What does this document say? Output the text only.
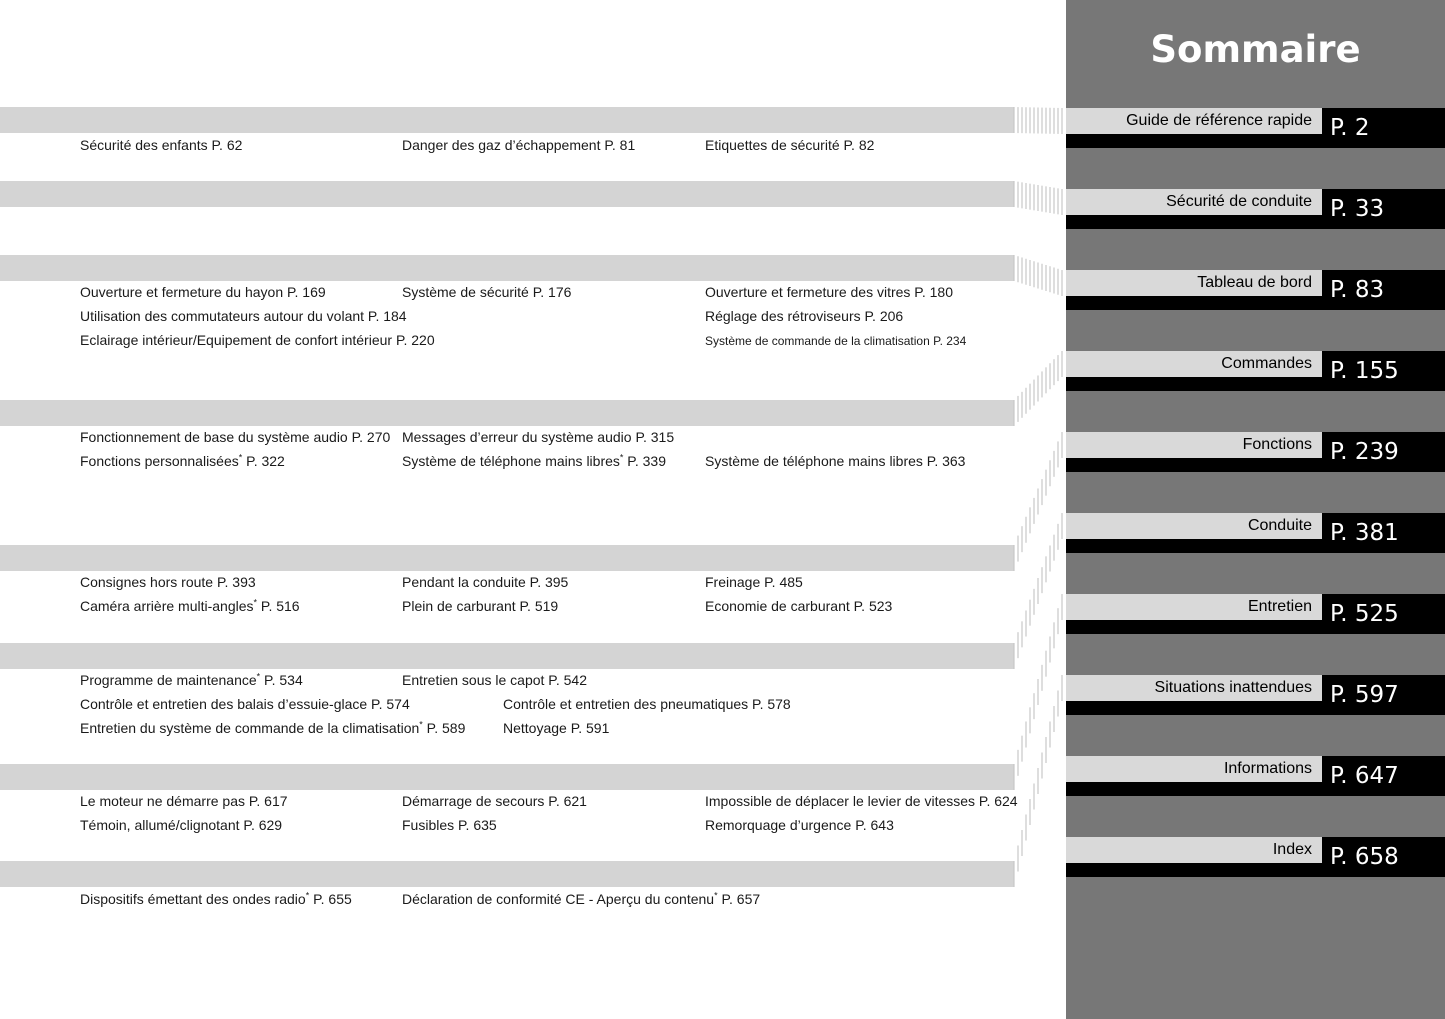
Sécurité des enfants P. 62	Danger des gaz d’échappement P. 81	Etiquettes de sécurité P. 82
Ouverture et fermeture du hayon P. 169	Système de sécurité P. 176	Ouverture et fermeture des vitres P. 180
Utilisation des commutateurs autour du volant P. 184	Réglage des rétroviseurs P. 206
Eclairage intérieur/Equipement de confort intérieur P. 220	Système de commande de la climatisation P. 234
Fonctionnement de base du système audio P. 270 Messages d’erreur du système audio P. 315
Fonctions personnalisées* P. 322	Système de téléphone mains libres* P. 339	Système de téléphone mains libres P. 363
Consignes hors route P. 393	Pendant la conduite P. 395	Freinage P. 485
Caméra arrière multi-angles* P. 516	Plein de carburant P. 519	Economie de carburant P. 523
Programme de maintenance* P. 534	Entretien sous le capot P. 542
Contrôle et entretien des balais d’essuie-glace P. 574	Contrôle et entretien des pneumatiques P. 578
Entretien du système de commande de la climatisation* P. 589	Nettoyage P. 591
Le moteur ne démarre pas P. 617	Démarrage de secours P. 621	Impossible de déplacer le levier de vitesses P. 624
Témoin, allumé/clignotant P. 629	Fusibles P. 635	Remorquage d’urgence P. 643
Dispositifs émettant des ondes radio* P. 655	Déclaration de conformité CE - Aperçu du contenu* P. 657
Sommaire
Guide de référence rapide P. 2
Sécurité de conduite P. 33
Tableau de bord P. 83
Commandes P. 155
Fonctions P. 239
Conduite P. 381
Entretien P. 525
Situations inattendues P. 597
Informations P. 647
Index P. 658
